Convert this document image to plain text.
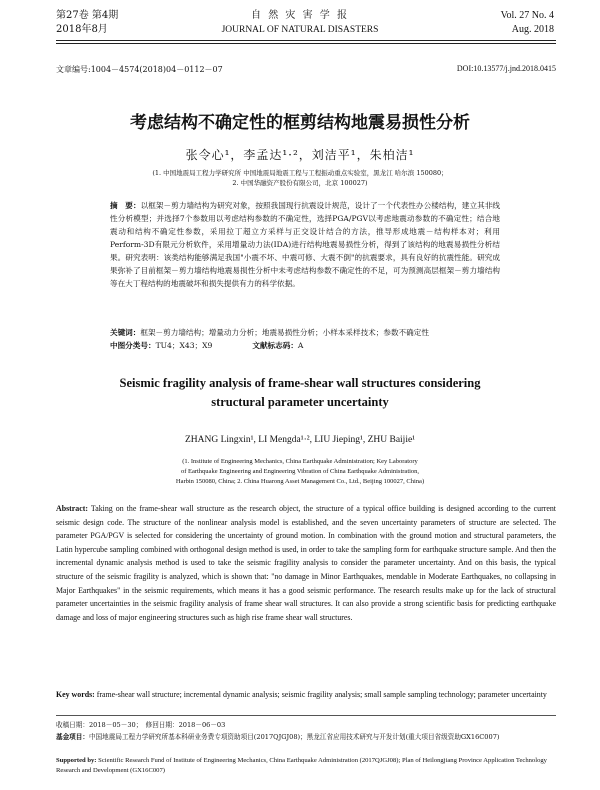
第27卷 第4期
2018年8月
自 然 灾 害 学 报
JOURNAL OF NATURAL DISASTERS
Vol. 27 No. 4
Aug. 2018
文章编号:1004－4574(2018)04－0112－07	DOI:10.13577/j.jnd.2018.0415
考虑结构不确定性的框剪结构地震易损性分析
张令心¹，李孟达¹·²，刘洁平¹，朱柏洁¹
(1. 中国地震局工程力学研究所 中国地震局地震工程与工程振动重点实验室，黑龙江 哈尔滨 150080；
2. 中国华融资产股份有限公司，北京 100027)
摘　要：以框架－剪力墙结构为研究对象，按照我国现行抗震设计规范，设计了一个代表性办公楼结构，建立其非线性分析模型；并选择7个参数用以考虑结构参数的不确定性，选择PGA/PGV以考虑地震动参数的不确定性；结合地震动和结构不确定性参数，采用拉丁超立方采样与正交设计结合的方法，推导形成地震－结构样本对；利用Perform-3D有限元分析软件，采用增量动力法(IDA)进行结构地震易损性分析，得到了该结构的地震易损性分析结果。研究表明：该类结构能够满足我国"小震不坏、中震可修、大震不倒"的抗震要求，具有良好的抗震性能。研究成果弥补了目前框架－剪力墙结构地震易损性分析中未考虑结构参数不确定性的不足，可为预测高层框架－剪力墙结构等在大丁程结构的地震破坏和损失提供有力的科学依据。
关键词：框架－剪力墙结构；增量动力分析；地震易损性分析；小样本采样技术；参数不确定性
中图分类号：TU4；X43；X9	文献标志码：A
Seismic fragility analysis of frame-shear wall structures considering
structural parameter uncertainty
ZHANG Lingxin¹, LI Mengda¹·², LIU Jieping¹, ZHU Baijie¹
(1. Institute of Engineering Mechanics, China Earthquake Administration; Key Laboratory
of Earthquake Engineering and Engineering Vibration of China Earthquake Administration,
Harbin 150080, China; 2. China Huarong Asset Management Co., Ltd., Beijing 100027, China)
Abstract: Taking on the frame-shear wall structure as the research object, the structure of a typical office building is designed according to the current seismic design code. The structure of the nonlinear analysis model is established, and the seven uncertainty parameters of structure are selected. The parameter PGA/PGV is selected for considering the uncertainty of ground motion. In combination with the ground motion and structural parameters, the Latin hypercube sampling combined with orthogonal design method is used, in order to take the sampling form for earthquake structure sample. And then the incremental dynamic analysis method is used to take the seismic fragility analysis to consider the parameter uncertainty. And on this basis, the typical structure of the seismic fragility is analyzed, which is shown that: "no damage in Minor Earthquakes, mendable in Moderate Earthquakes, no collapsing in Major Earthquakes" in the seismic requirements, which means it has a good seismic performance. The research results make up for the lack of structural parameter uncertainties in the seismic fragility analysis of frame shear wall structures. It can also provide a strong scientific basis for predicting earthquake damage and loss of major engineering structures such as high rise frame shear wall structures.
Key words: frame-shear wall structure; incremental dynamic analysis; seismic fragility analysis; small sample sampling technology; parameter uncertainty
收稿日期：2018－05－30；　修回日期：2018－06－03
基金项目：中国地震局工程力学研究所基本科研业务费专项资助项目(2017QJGJ08)；黑龙江省应用技术研究与开发计划(重大项目省级资助GX16C007)
Supported by: Scientific Research Fund of Institute of Engineering Mechanics, China Earthquake Administration (2017QJGJ08); Plan of Heilongjiang Province Application Technology Research and Development (GX16C007)
